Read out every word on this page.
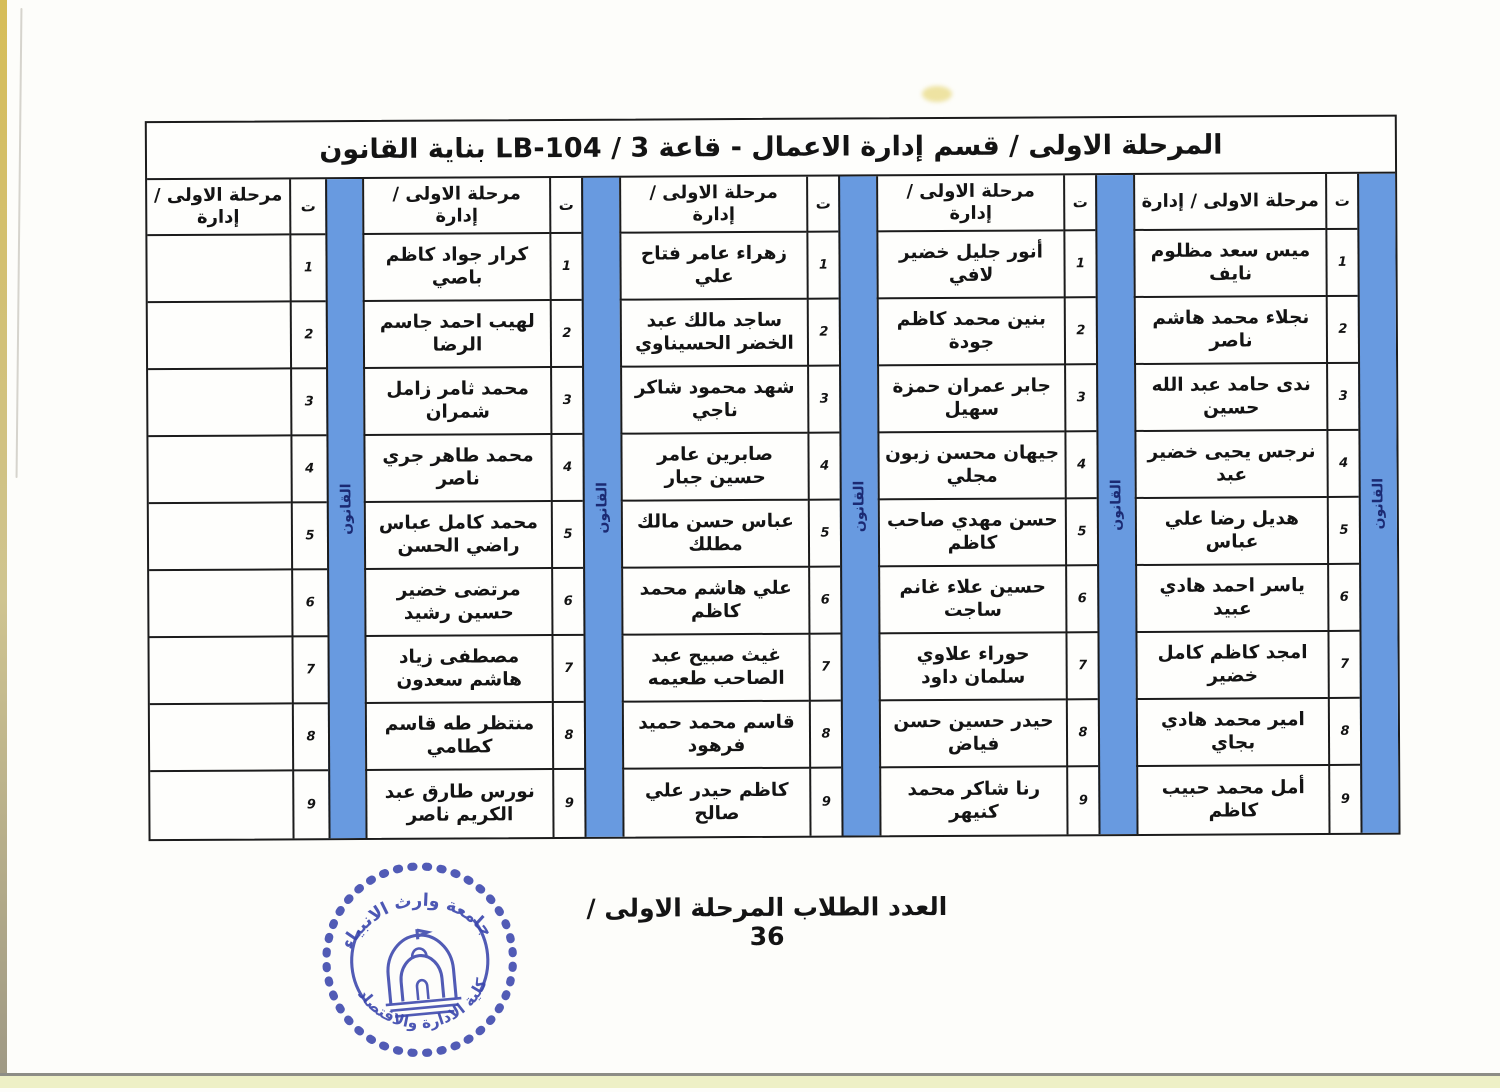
المرحلة الاولى / قسم إدارة الاعمال - قاعة 3 / LB-104 بناية القانون
مرحلة الاولى / إدارة
ت
1
2
3
4
5
6
7
8
9
القانون
مرحلة الاولى / إدارة
كرار جواد كاظم باصي
لهيب احمد جاسم الرضا
محمد ثامر زامل شمران
محمد طاهر جري ناصر
محمد كامل عباس راضي الحسن
مرتضى خضير حسين رشيد
مصطفى زياد هاشم سعدون
منتظر طه قاسم كطامي
نورس طارق عبد الكريم ناصر
ت
1
2
3
4
5
6
7
8
9
القانون
مرحلة الاولى / إدارة
زهراء عامر فتاح علي
ساجد مالك عبد الخضر الحسيناوي
شهد محمود شاكر ناجي
صابرين عامر حسين جبار
عباس حسن مالك مطلك
علي هاشم محمد كاظم
غيث صبيح عبد الصاحب طعيمه
قاسم محمد حميد فرهود
كاظم حيدر علي صالح
ت
1
2
3
4
5
6
7
8
9
القانون
مرحلة الاولى / إدارة
أنور جليل خضير لافي
بنين محمد كاظم جودة
جابر عمران حمزة سهيل
جيهان محسن زبون مجلي
حسن مهدي صاحب كاظم
حسين علاء غانم ساجت
حوراء علاوي سلمان داود
حيدر حسين حسن فياض
رنا شاكر محمد كنيهر
ت
1
2
3
4
5
6
7
8
9
القانون
مرحلة الاولى / إدارة
ميس سعد مظلوم نايف
نجلاء محمد هاشم ناصر
ندى حامد عبد الله حسين
نرجس يحيى خضير عبد
هديل رضا علي عباس
ياسر احمد هادي عبيد
امجد كاظم كامل خضير
امير محمد هادي بجاي
أمل محمد حبيب كاظم
ت
1
2
3
4
5
6
7
8
9
القانون
العدد الطلاب المرحلة الاولى / 36
جامعة وارث الانبياء
كلية الادارة والاقتصاد
